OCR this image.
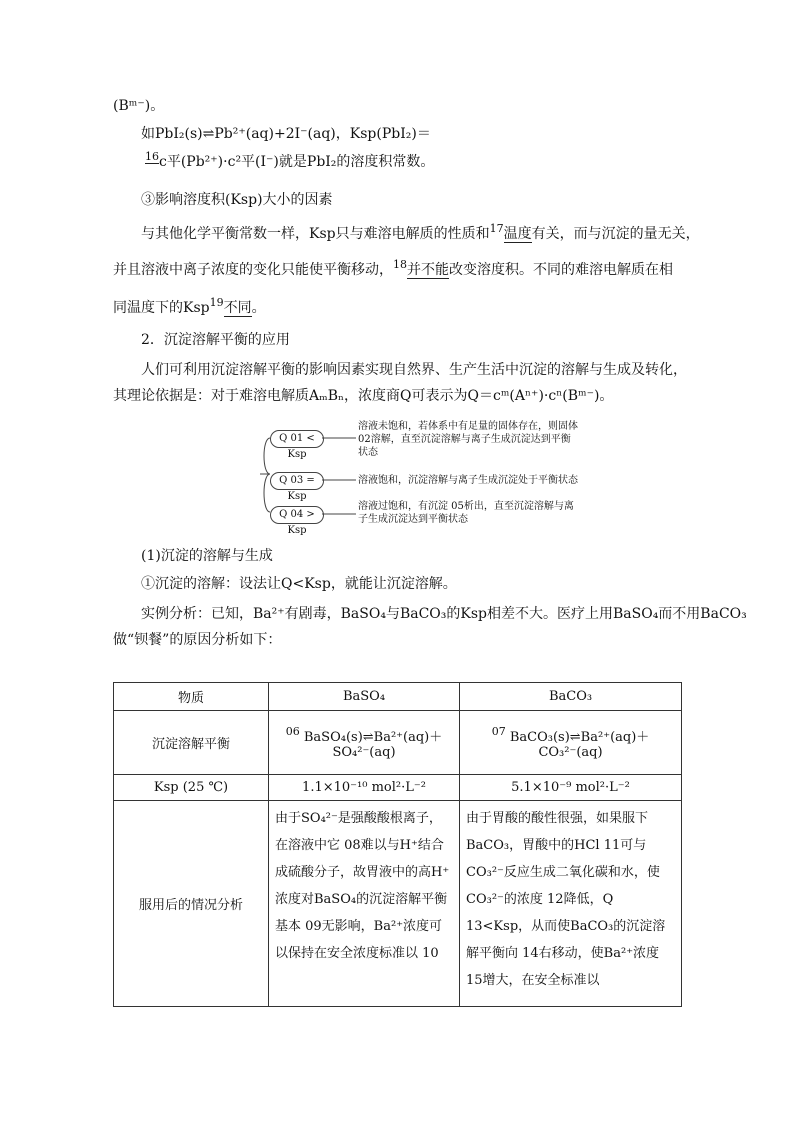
(Bᵐ⁻)。
如PbI₂(s)⇌Pb²⁺(aq)+2I⁻(aq)，Ksp(PbI₂)＝
$^{16}$c平(Pb²⁺)·c²平(I⁻)就是PbI₂的溶度积常数。
③影响溶度积(Ksp)大小的因素
与其他化学平衡常数一样，Ksp只与难溶电解质的性质和$^{17}$温度有关，而与沉淀的量无关，
并且溶液中离子浓度的变化只能使平衡移动，$^{18}$并不能改变溶度积。不同的难溶电解质在相
同温度下的Ksp$^{19}$不同。
2．沉淀溶解平衡的应用
人们可利用沉淀溶解平衡的影响因素实现自然界、生产生活中沉淀的溶解与生成及转化，
其理论依据是：对于难溶电解质AₘBₙ，浓度商Q可表示为Q＝cᵐ(Aⁿ⁺)·cⁿ(Bᵐ⁻)。
Q 01 < Ksp
溶液未饱和，若体系中有足量的固体存在，则固体 02溶解，直至沉淀溶解与离子生成沉淀达到平衡状态
Q 03 = Ksp
溶液饱和，沉淀溶解与离子生成沉淀处于平衡状态
Q 04 > Ksp
溶液过饱和，有沉淀 05析出，直至沉淀溶解与离子生成沉淀达到平衡状态
(1)沉淀的溶解与生成
①沉淀的溶解：设法让Q<Ksp，就能让沉淀溶解。
实例分析：已知，Ba²⁺有剧毒，BaSO₄与BaCO₃的Ksp相差不大。医疗上用BaSO₄而不用BaCO₃
做“钡餐”的原因分析如下：
物质	BaSO₄	BaCO₃
沉淀溶解平衡	$^{06}$ BaSO₄(s)⇌Ba²⁺(aq)＋SO₄²⁻(aq)	$^{07}$ BaCO₃(s)⇌Ba²⁺(aq)＋CO₃²⁻(aq)
Ksp (25 ℃)	1.1×10⁻¹⁰ mol²·L⁻²	5.1×10⁻⁹ mol²·L⁻²
服用后的情况分析	由于SO₄²⁻是强酸酸根离子，在溶液中它 08难以与H⁺结合成硫酸分子，故胃液中的高H⁺浓度对BaSO₄的沉淀溶解平衡基本 09无影响，Ba²⁺浓度可以保持在安全浓度标准以 10	由于胃酸的酸性很强，如果服下BaCO₃，胃酸中的HCl 11可与CO₃²⁻反应生成二氧化碳和水，使CO₃²⁻的浓度 12降低，Q 13<Ksp，从而使BaCO₃的沉淀溶解平衡向 14右移动，使Ba²⁺浓度 15增大，在安全标准以
